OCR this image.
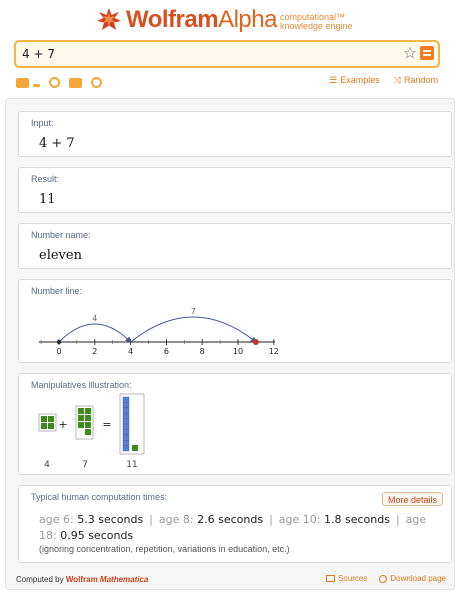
WolframAlpha computational™
knowledge engine
4 + 7
☰ Examples ⤨ Random
Input:
4 + 7
Result:
11
Number name:
eleven
Number line:
0	2	4	6	8	10	12
4
7
Manipulatives illustration:
+	=
4	7	11
Typical human computation times:	More details
age 6: 5.3 seconds | age 8: 2.6 seconds | age 10: 1.8 seconds | age 18: 0.95 seconds
(ignoring concentration, repetition, variations in education, etc.)
Computed by Wolfram Mathematica	Sources	Download page
